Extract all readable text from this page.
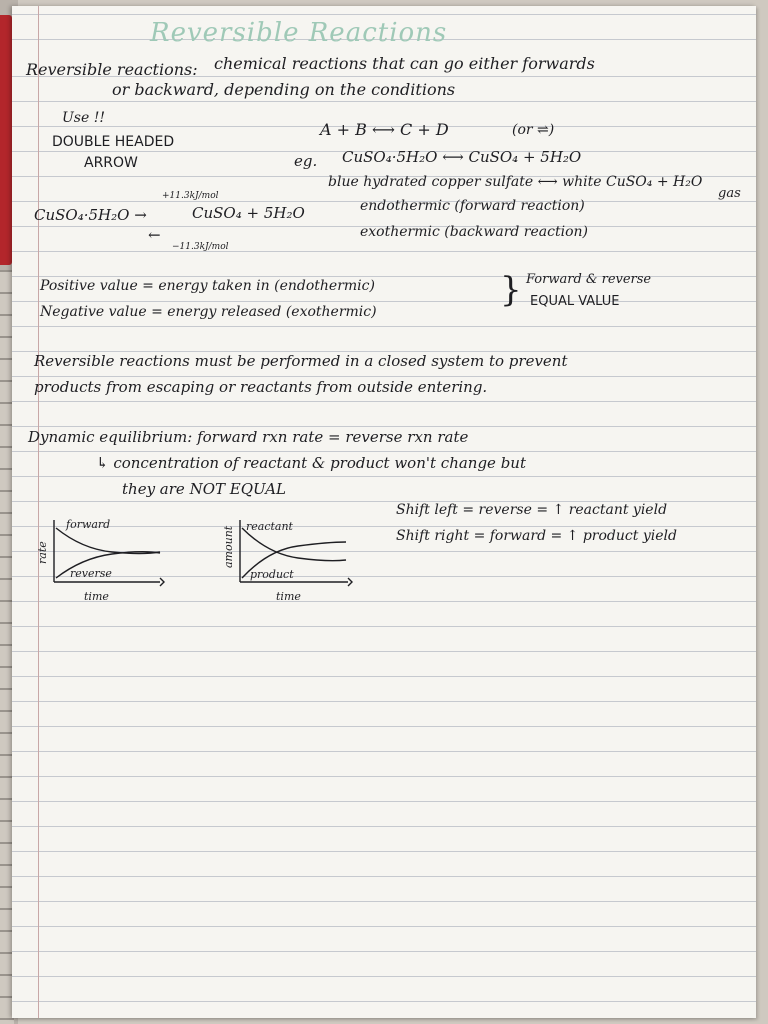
Reversible Reactions
Reversible reactions: chemical reactions that can go either forwards
or backward, depending on the conditions
Use !!
DOUBLE HEADED
ARROW
A + B ⟷ C + D	(or ⇌)
eg. CuSO₄·5H₂O ⟷ CuSO₄ + 5H₂O
blue hydrated copper sulfate ⟷ white CuSO₄ + H₂O
gas
+11.3kJ/mol
CuSO₄·5H₂O →	CuSO₄ + 5H₂O	endothermic (forward reaction)
←
−11.3kJ/mol
exothermic (backward reaction)
Positive value = energy taken in (endothermic)
Negative value = energy released (exothermic)
} Forward & reverse
EQUAL VALUE
Reversible reactions must be performed in a closed system to prevent
products from escaping or reactants from outside entering.
Dynamic equilibrium: forward rxn rate = reverse rxn rate
↳ concentration of reactant & product won't change but
they are NOT EQUAL
Shift left = reverse = ↑ reactant yield
Shift right = forward = ↑ product yield
forward
reverse
time
rate
reactant
product
time
amount
